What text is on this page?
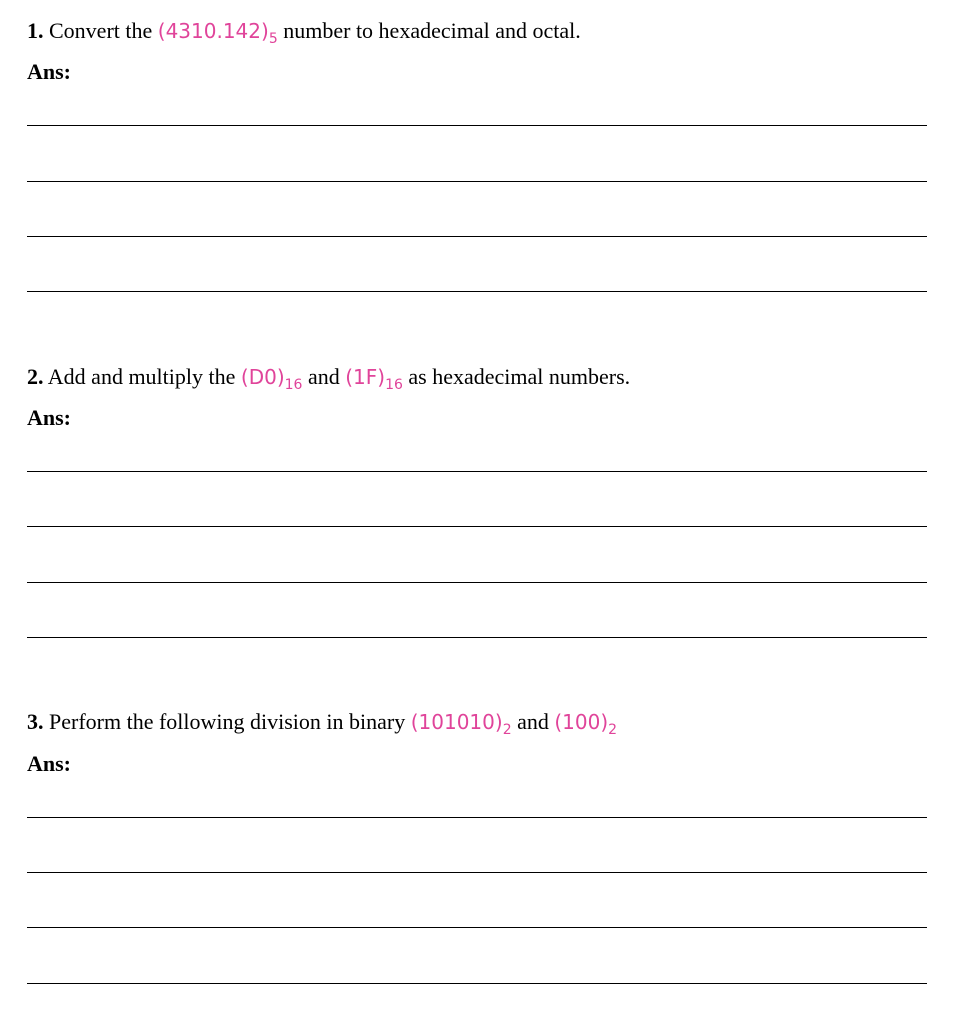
1. Convert the $(4310.142)_5$ number to hexadecimal and octal.
Ans:
2. Add and multiply the $(D0)_{16}$ and $(1F)_{16}$ as hexadecimal numbers.
Ans:
3. Perform the following division in binary $(101010)_2$ and $(100)_2$
Ans:
